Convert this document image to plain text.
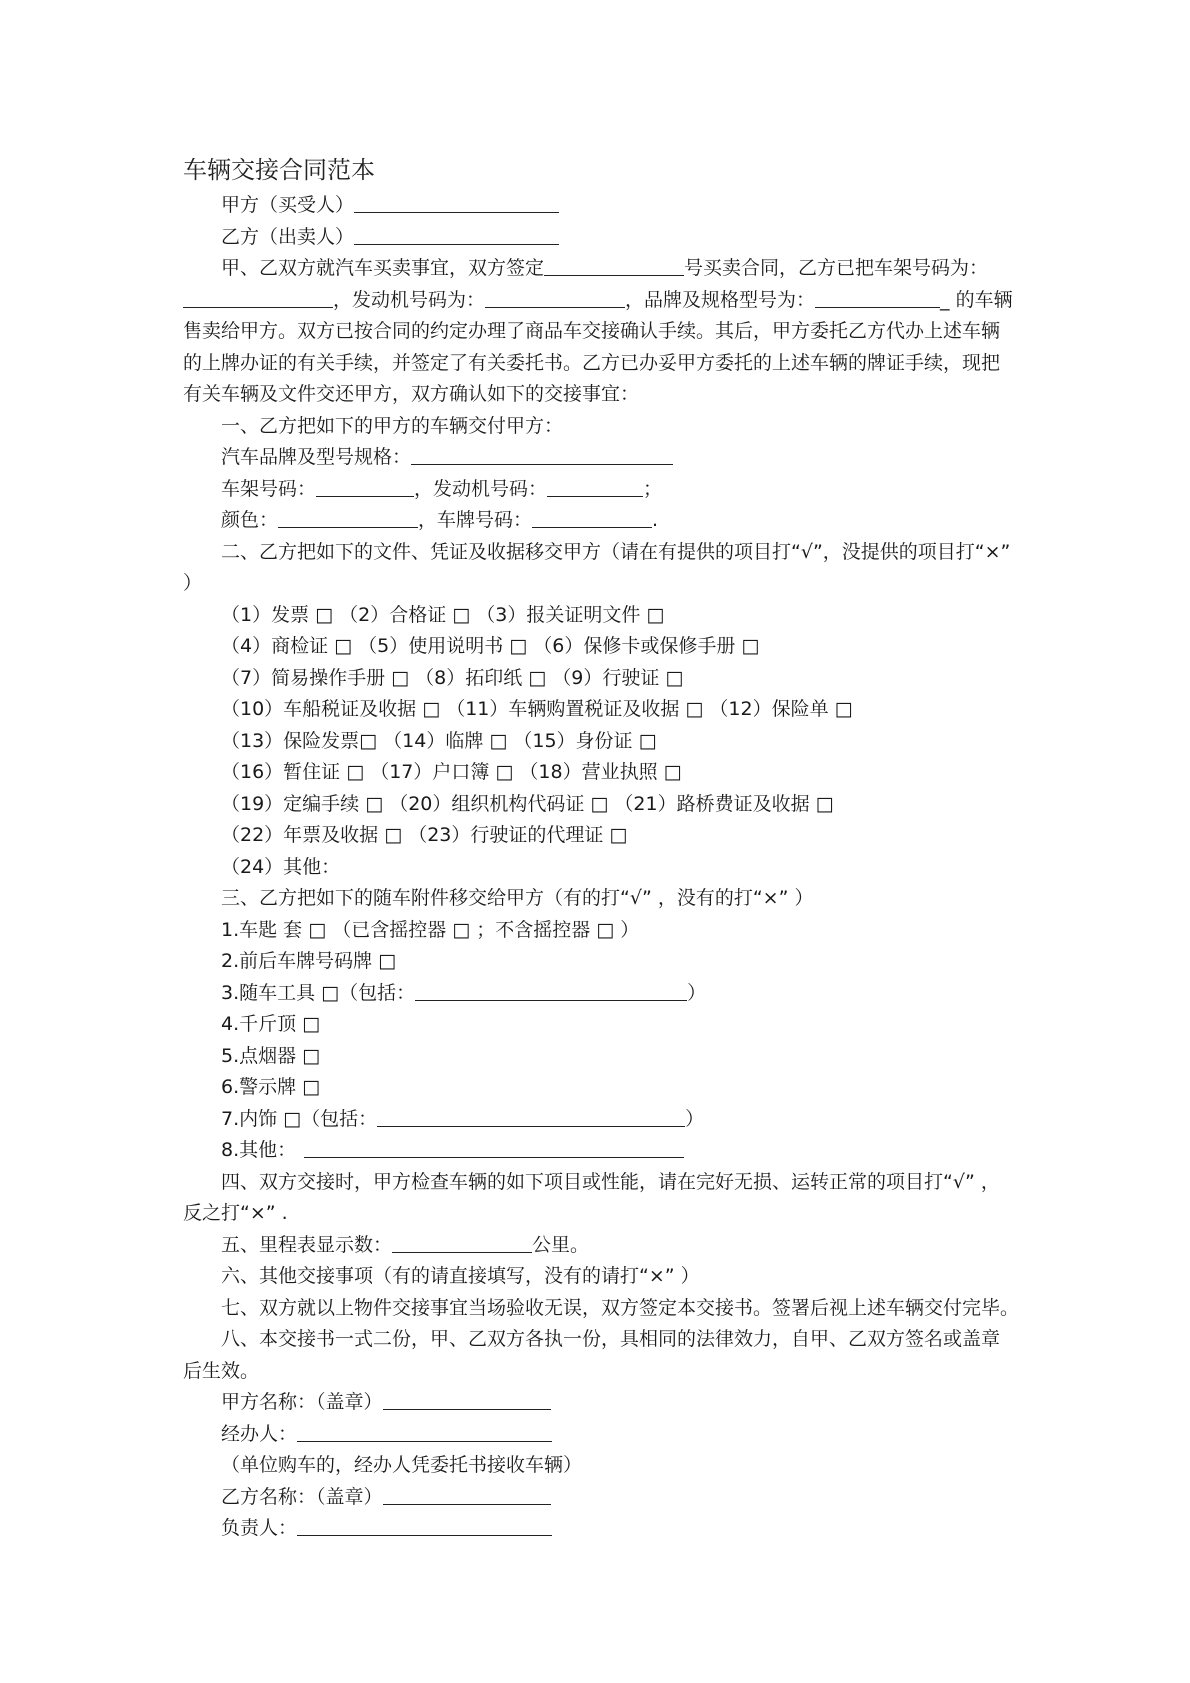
车辆交接合同范本
甲方（买受人）
乙方（出卖人）
甲、乙双方就汽车买卖事宜，双方签定	号买卖合同，乙方已把车架号码为：，发动机号码为：	，品牌及规格型号为：	_ 的车辆售卖给甲方。双方已按合同的约定办理了商品车交接确认手续。其后，甲方委托乙方代办上述车辆的上牌办证的有关手续，并签定了有关委托书。乙方已办妥甲方委托的上述车辆的牌证手续，现把有关车辆及文件交还甲方，双方确认如下的交接事宜：
一、乙方把如下的甲方的车辆交付甲方：
汽车品牌及型号规格：
车架号码：	，发动机号码：	；
颜色：	，车牌号码：	.
二、乙方把如下的文件、凭证及收据移交甲方（请在有提供的项目打“√”，没提供的项目打“×” ）
（1）发票 □ （2）合格证 □ （3）报关证明文件 □
（4）商检证 □ （5）使用说明书 □ （6）保修卡或保修手册 □
（7）简易操作手册 □ （8）拓印纸 □ （9）行驶证 □
（10）车船税证及收据 □ （11）车辆购置税证及收据 □ （12）保险单 □
（13）保险发票□ （14）临牌 □ （15）身份证 □
（16）暂住证 □ （17）户口簿 □ （18）营业执照 □
（19）定编手续 □ （20）组织机构代码证 □ （21）路桥费证及收据 □
（22）年票及收据 □ （23）行驶证的代理证 □
（24）其他：
三、乙方把如下的随车附件移交给甲方（有的打“√” ，没有的打“×” ）
1.车匙 套 □ （已含摇控器 □ ；不含摇控器 □ ）
2.前后车牌号码牌 □
3.随车工具 □（包括：	）
4.千斤顶 □
5.点烟器 □
6.警示牌 □
7.内饰 □（包括：	）
8.其他：
四、双方交接时，甲方检查车辆的如下项目或性能，请在完好无损、运转正常的项目打“√” ，反之打“×” .
五、里程表显示数：	公里。
六、其他交接事项（有的请直接填写，没有的请打“×” ）
七、双方就以上物件交接事宜当场验收无误，双方签定本交接书。签署后视上述车辆交付完毕。
八、本交接书一式二份，甲、乙双方各执一份，具相同的法律效力，自甲、乙双方签名或盖章后生效。
甲方名称：（盖章）
经办人：
（单位购车的，经办人凭委托书接收车辆）
乙方名称：（盖章）
负责人：
